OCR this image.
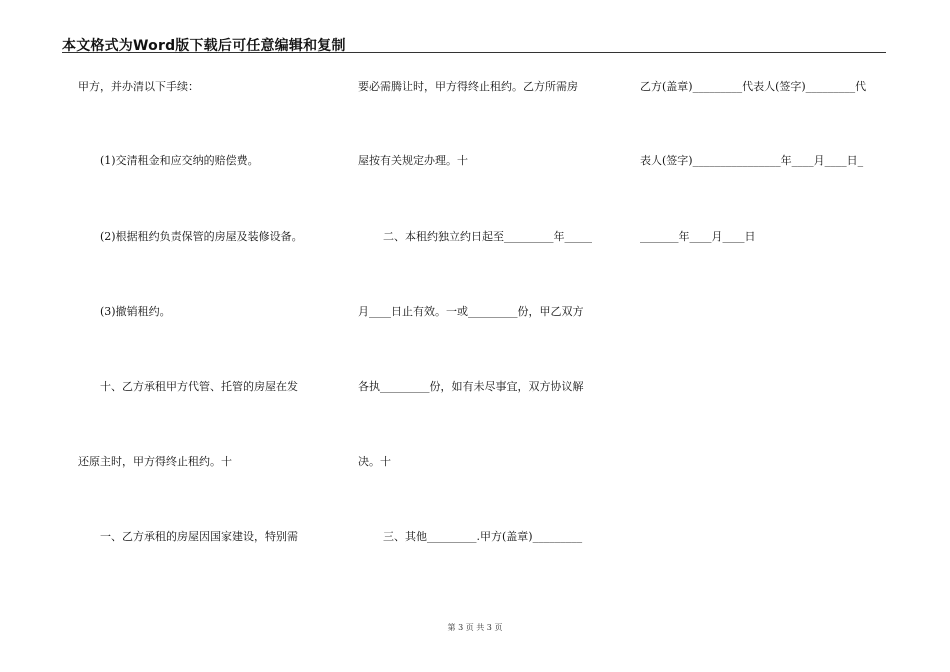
本文格式为Word版下载后可任意编辑和复制
甲方，并办清以下手续：
(1)交清租金和应交纳的赔偿费。
(2)根据租约负责保管的房屋及装修设备。
(3)撤销租约。
十、乙方承租甲方代管、托管的房屋在发
还原主时，甲方得终止租约。十
一、乙方承租的房屋因国家建设，特别需
要必需腾让时，甲方得终止租约。乙方所需房
屋按有关规定办理。十
二、本租约独立约日起至_________年_____
月____日止有效。一或_________份，甲乙双方
各执_________份，如有未尽事宜，双方协议解
决。十
三、其他_________.甲方(盖章)_________
乙方(盖章)_________代表人(签字)_________代
表人(签字)________________年____月____日_
_______年____月____日
第 3 页 共 3 页
